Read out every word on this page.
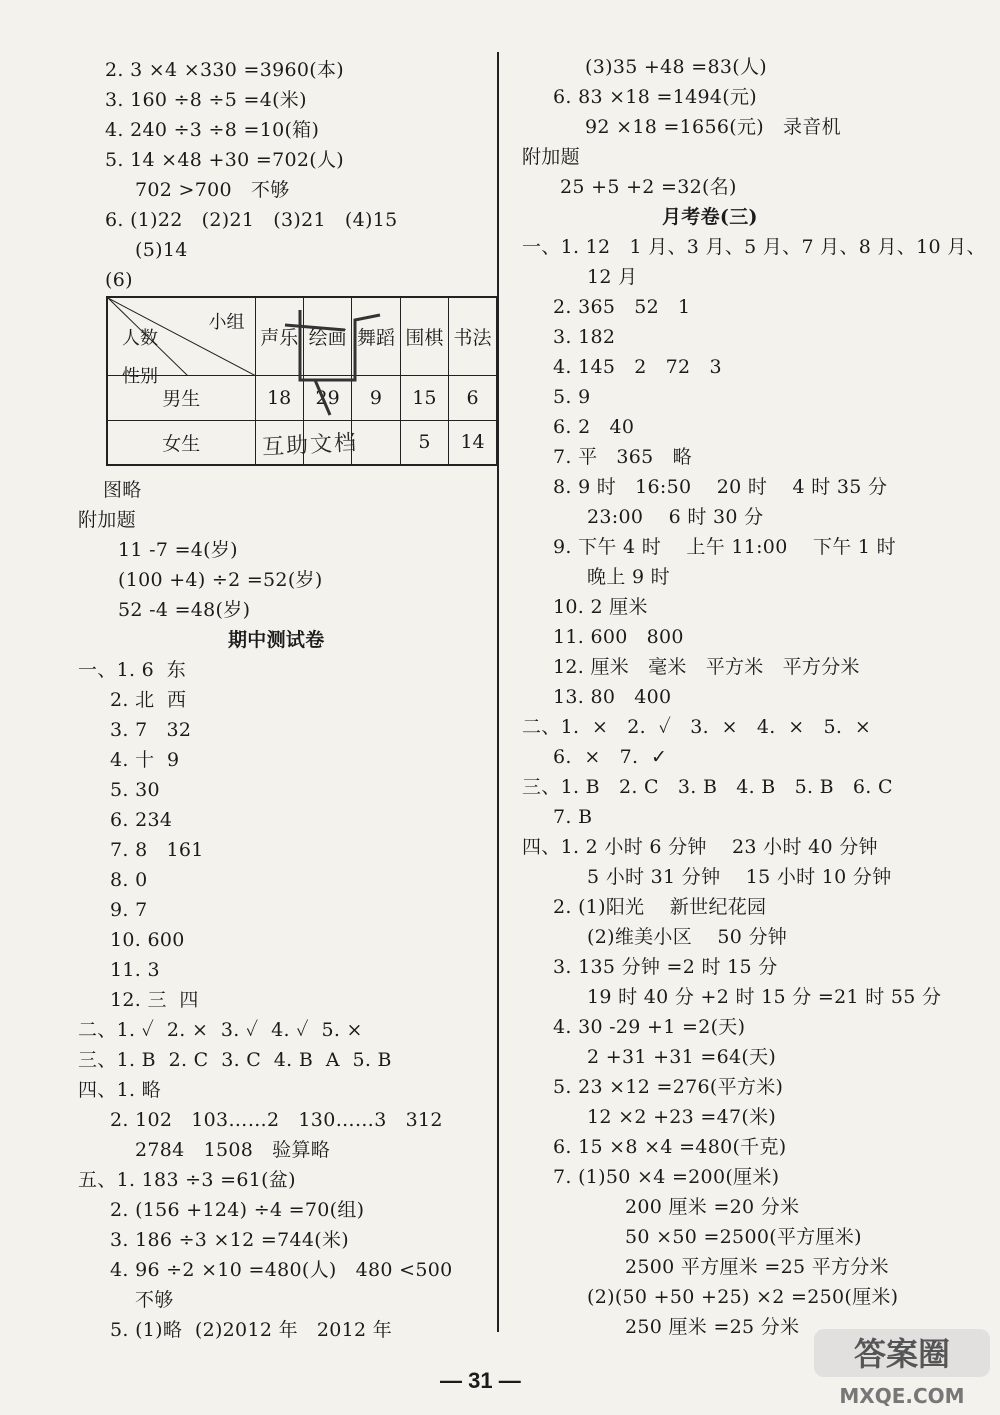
2. 3 ×4 ×330 =3960(本)
3. 160 ÷8 ÷5 =4(米)
4. 240 ÷3 ÷8 =10(箱)
5. 14 ×48 +30 =702(人)
702 >700   不够
6. (1)22   (2)21   (3)21   (4)15
(5)14
(6)
图略
附加题
11 -7 =4(岁)
(100 +4) ÷2 =52(岁)
52 -4 =48(岁)
期中测试卷
一、1. 6  东
2. 北  西
3. 7   32
4. 十  9
5. 30
6. 234
7. 8   161
8. 0
9. 7
10. 600
11. 3
12. 三  四
二、1. ✓  2. ×  3. ✓  4. ✓  5. ×
三、1. B  2. C  3. C  4. B  A  5. B
四、1. 略
2. 102   103……2   130……3   312
2784   1508   验算略
五、1. 183 ÷3 =61(盆)
2. (156 +124) ÷4 =70(组)
3. 186 ÷3 ×12 =744(米)
4. 96 ÷2 ×10 =480(人)   480 <500
不够
5. (1)略  (2)2012 年   2012 年
(3)35 +48 =83(人)
6. 83 ×18 =1494(元)
92 ×18 =1656(元)   录音机
附加题
25 +5 +2 =32(名)
月考卷(三)
一、1. 12   1 月、3 月、5 月、7 月、8 月、10 月、
12 月
2. 365   52   1
3. 182
4. 145   2   72   3
5. 9
6. 2   40
7. 平   365   略
8. 9 时   16:50    20 时    4 时 35 分
23:00    6 时 30 分
9. 下午 4 时    上午 11:00    下午 1 时
晚上 9 时
10. 2 厘米
11. 600   800
12. 厘米   毫米   平方米   平方分米
13. 80   400
二、1.  ×   2.  ✓   3.  ×   4.  ×   5.  ×
6.  ×   7.  ✓
三、1. B   2. C   3. B   4. B   5. B   6. C
7. B
四、1. 2 小时 6 分钟    23 小时 40 分钟
5 小时 31 分钟    15 小时 10 分钟
2. (1)阳光    新世纪花园
(2)维美小区    50 分钟
3. 135 分钟 =2 时 15 分
19 时 40 分 +2 时 15 分 =21 时 55 分
4. 30 -29 +1 =2(天)
2 +31 +31 =64(天)
5. 23 ×12 =276(平方米)
12 ×2 +23 =47(米)
6. 15 ×8 ×4 =480(千克)
7. (1)50 ×4 =200(厘米)
200 厘米 =20 分米
50 ×50 =2500(平方厘米)
2500 平方厘米 =25 平方分米
(2)(50 +50 +25) ×2 =250(厘米)
250 厘米 =25 分米
小组
人数
性别	声乐	绘画	舞蹈	围棋	书法
男生	18	29	9	15	6
女生				5	14
互助文档
— 31 —
答案圈
MXQE.COM
